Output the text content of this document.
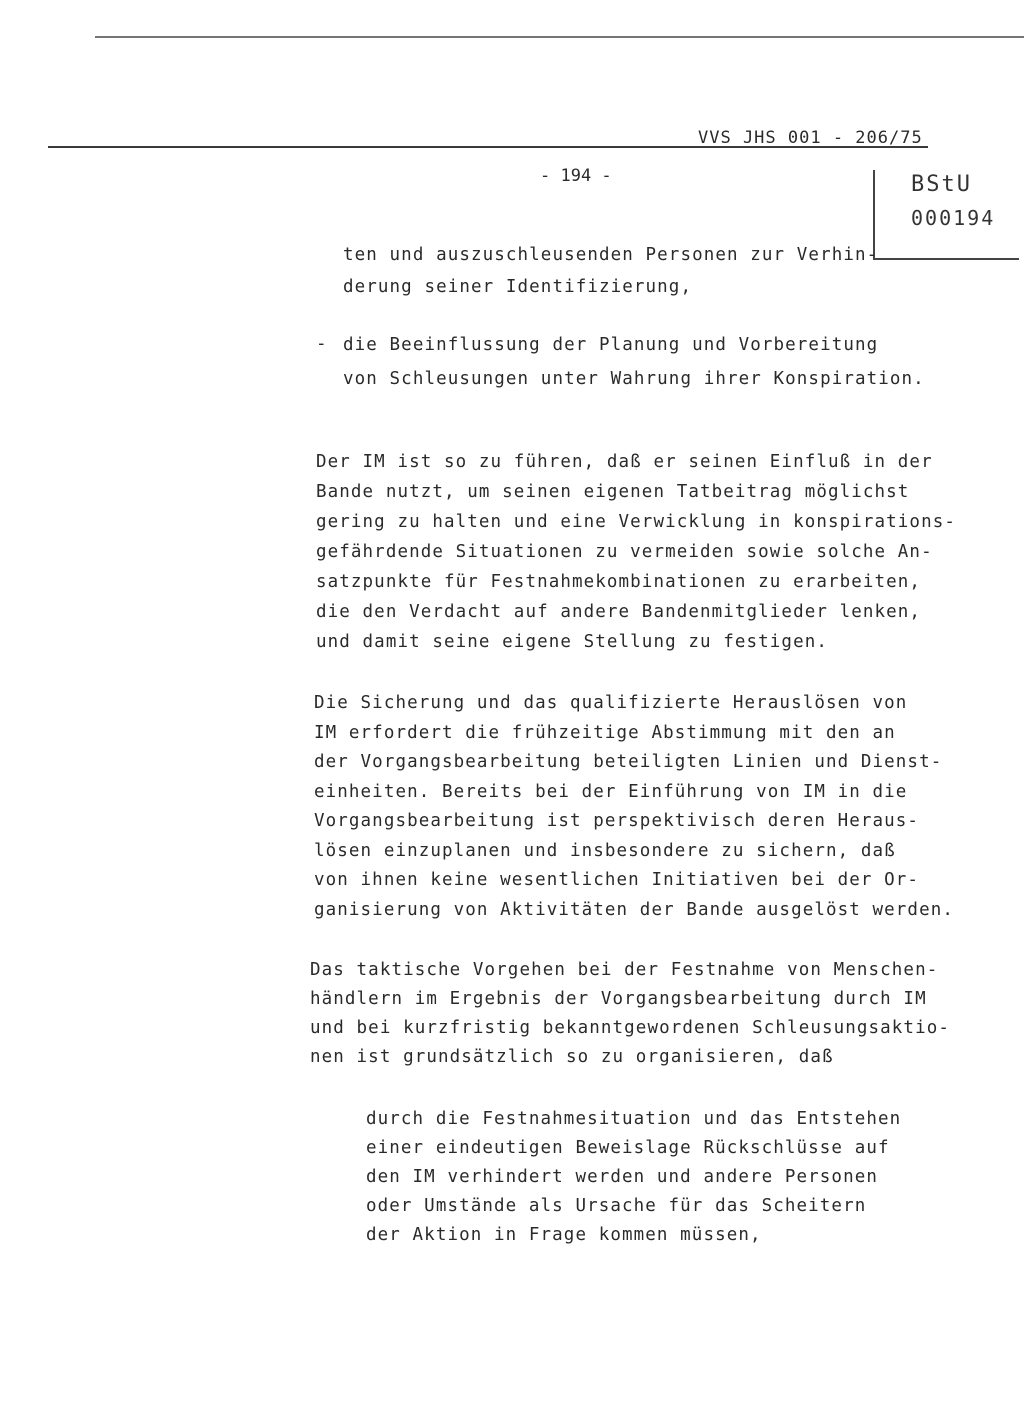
VVS JHS 001 - 206/75
- 194 -	BStU
000194
ten und auszuschleusenden Personen zur Verhin-
derung seiner Identifizierung,
- die Beeinflussung der Planung und Vorbereitung
von Schleusungen unter Wahrung ihrer Konspiration.
Der IM ist so zu führen, daß er seinen Einfluß in der
Bande nutzt, um seinen eigenen Tatbeitrag möglichst
gering zu halten und eine Verwicklung in konspirations-
gefährdende Situationen zu vermeiden sowie solche An-
satzpunkte für Festnahmekombinationen zu erarbeiten,
die den Verdacht auf andere Bandenmitglieder lenken,
und damit seine eigene Stellung zu festigen.
Die Sicherung und das qualifizierte Herauslösen von
IM erfordert die frühzeitige Abstimmung mit den an
der Vorgangsbearbeitung beteiligten Linien und Dienst-
einheiten. Bereits bei der Einführung von IM in die
Vorgangsbearbeitung ist perspektivisch deren Heraus-
lösen einzuplanen und insbesondere zu sichern, daß
von ihnen keine wesentlichen Initiativen bei der Or-
ganisierung von Aktivitäten der Bande ausgelöst werden.
Das taktische Vorgehen bei der Festnahme von Menschen-
händlern im Ergebnis der Vorgangsbearbeitung durch IM
und bei kurzfristig bekanntgewordenen Schleusungsaktio-
nen ist grundsätzlich so zu organisieren, daß
durch die Festnahmesituation und das Entstehen
einer eindeutigen Beweislage Rückschlüsse auf
den IM verhindert werden und andere Personen
oder Umstände als Ursache für das Scheitern
der Aktion in Frage kommen müssen,
